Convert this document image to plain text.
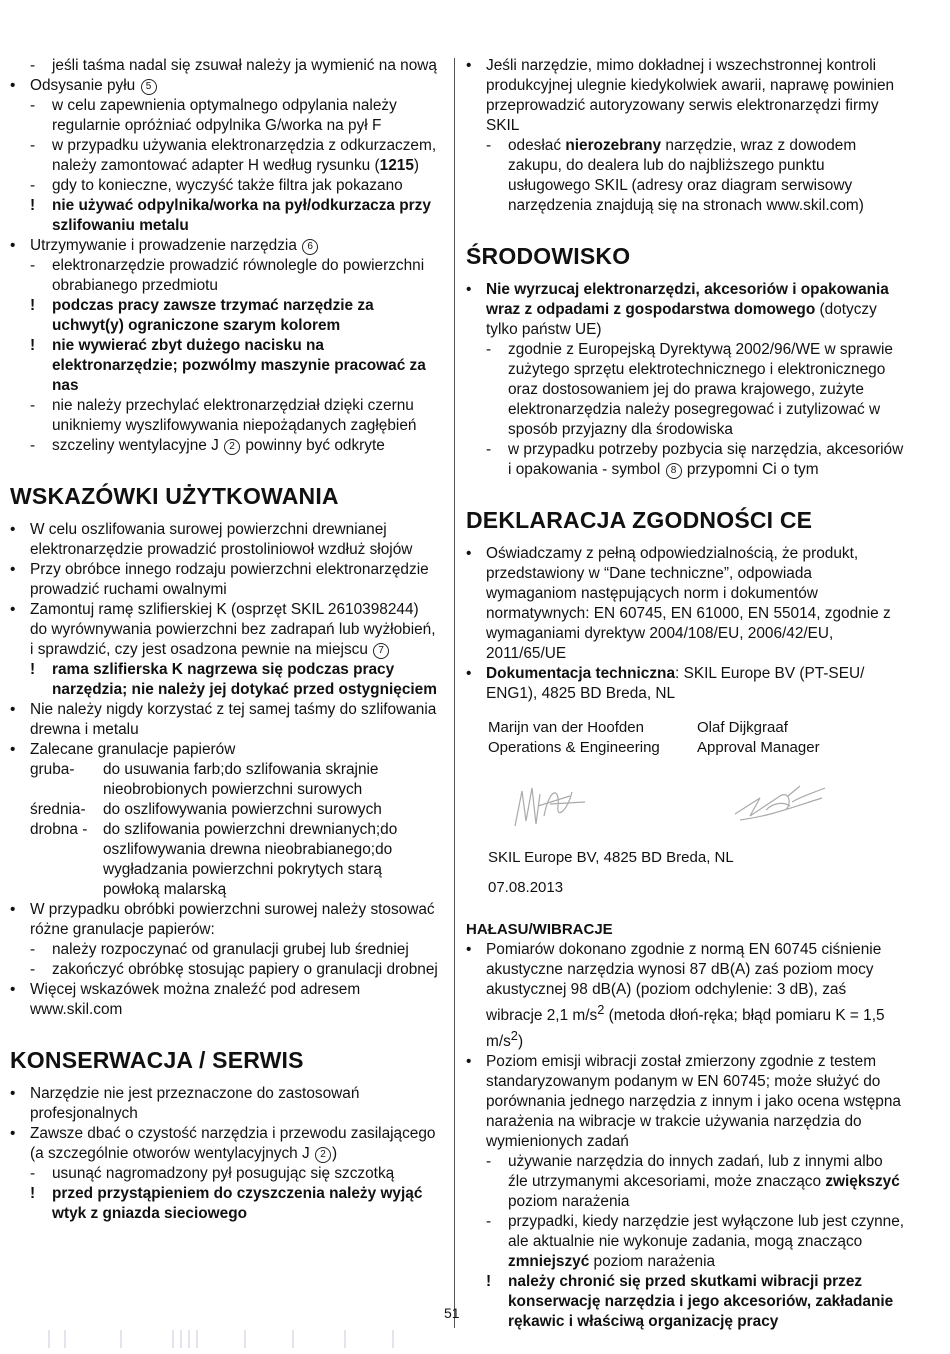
-	jeśli taśma nadal się zsuwał należy ja wymienić na nową
• Odsysanie pyłu 5
-	w celu zapewnienia optymalnego odpylania należy regularnie opróżniać odpylnika G/worka na pył F
-	w przypadku używania elektronarzędzia z odkurzaczem, należy zamontować adapter H według rysunku (1215)
-	gdy to konieczne, wyczyść także filtra jak pokazano
!	nie używać odpylnika/worka na pył/odkurzacza przy szlifowaniu metalu
• Utrzymywanie i prowadzenie narzędzia 6
-	elektronarzędzie prowadzić równolegle do powierzchni obrabianego przedmiotu
!	podczas pracy zawsze trzymać narzędzie za uchwyt(y) ograniczone szarym kolorem
!	nie wywierać zbyt dużego nacisku na elektronarzędzie; pozwólmy maszynie pracować za nas
-	nie należy przechylać elektronarzędział dzięki czernu unikniemy wyszlifowywania niepożądanych zagłębień
-	szczeliny wentylacyjne J 2 powinny być odkryte
WSKAZÓWKI UŻYTKOWANIA
• W celu oszlifowania surowej powierzchni drewnianej elektronarzędzie prowadzić prostoliniowoł wzdłuż słojów
• Przy obróbce innego rodzaju powierzchni elektronarzędzie prowadzić ruchami owalnymi
• Zamontuj ramę szlifierskiej K (osprzęt SKIL 2610398244) do wyrównywania powierzchni bez zadrapań lub wyżłobień, i sprawdzić, czy jest osadzona pewnie na miejscu 7
!	rama szlifierska K nagrzewa się podczas pracy narzędzia; nie należy jej dotykać przed ostygnięciem
• Nie należy nigdy korzystać z tej samej taśmy do szlifowania drewna i metalu
• Zalecane granulacje papierów
gruba-	do usuwania farb;do szlifowania skrajnie nieobrobionych powierzchni surowych
średnia-	do oszlifowywania powierzchni surowych
drobna -	do szlifowania powierzchni drewnianych;do oszlifowywania drewna nieobrabianego;do wygładzania powierzchni pokrytych starą powłoką malarską
• W przypadku obróbki powierzchni surowej należy stosować różne granulacje papierów:
-	należy rozpoczynać od granulacji grubej lub średniej
-	zakończyć obróbkę stosując papiery o granulacji drobnej
• Więcej wskazówek można znaleźć pod adresem www.skil.com
KONSERWACJA / SERWIS
• Narzędzie nie jest przeznaczone do zastosowań profesjonalnych
• Zawsze dbać o czystość narzędzia i przewodu zasilającego (a szczególnie otworów wentylacyjnych J 2 )
-	usunąć nagromadzony pył posugując się szczotką
!	przed przystąpieniem do czyszczenia należy wyjąć wtyk z gniazda sieciowego
• Jeśli narzędzie, mimo dokładnej i wszechstronnej kontroli produkcyjnej ulegnie kiedykolwiek awarii, naprawę powinien przeprowadzić autoryzowany serwis elektronarzędzi firmy SKIL
-	odesłać nierozebrany narzędzie, wraz z dowodem zakupu, do dealera lub do najbliższego punktu usługowego SKIL (adresy oraz diagram serwisowy narzędzenia znajdują się na stronach www.skil.com)
ŚRODOWISKO
• Nie wyrzucaj elektronarzędzi, akcesoriów i opakowania wraz z odpadami z gospodarstwa domowego (dotyczy tylko państw UE)
-	zgodnie z Europejską Dyrektywą 2002/96/WE w sprawie zużytego sprzętu elektrotechnicznego i elektronicznego oraz dostosowaniem jej do prawa krajowego, zużyte elektronarzędzia należy posegregować i zutylizować w sposób przyjazny dla środowiska
-	w przypadku potrzeby pozbycia się narzędzia, akcesoriów i opakowania - symbol 8 przypomni Ci o tym
DEKLARACJA ZGODNOŚCI CE
• Oświadczamy z pełną odpowiedzialnością, że produkt, przedstawiony w “Dane techniczne”, odpowiada wymaganiom następujących norm i dokumentów normatywnych: EN 60745, EN 61000, EN 55014, zgodnie z wymaganiami dyrektyw 2004/108/EU, 2006/42/EU, 2011/65/UE
• Dokumentacja techniczna: SKIL Europe BV (PT-SEU/ ENG1), 4825 BD Breda, NL
Marijn van der Hoofden
Operations & Engineering
Olaf Dijkgraaf
Approval Manager
SKIL Europe BV, 4825 BD Breda, NL
07.08.2013
HAŁASU/WIBRACJE
• Pomiarów dokonano zgodnie z normą EN 60745 ciśnienie akustyczne narzędzia wynosi 87 dB(A) zaś poziom mocy akustycznej 98 dB(A) (poziom odchylenie: 3 dB), zaś wibracje 2,1 $m/s^2$ (metoda dłoń-ręka; błąd pomiaru K = 1,5 $m/s^2$)
• Poziom emisji wibracji został zmierzony zgodnie z testem standaryzowanym podanym w EN 60745; może służyć do porównania jednego narzędzia z innym i jako ocena wstępna narażenia na wibracje w trakcie używania narzędzia do wymienionych zadań
-	używanie narzędzia do innych zadań, lub z innymi albo źle utrzymanymi akcesoriami, może znacząco zwiększyć poziom narażenia
-	przypadki, kiedy narzędzie jest wyłączone lub jest czynne, ale aktualnie nie wykonuje zadania, mogą znacząco zmniejszyć poziom narażenia
!	należy chronić się przed skutkami wibracji przez konserwację narzędzia i jego akcesoriów, zakładanie rękawic i właściwą organizację pracy
51
